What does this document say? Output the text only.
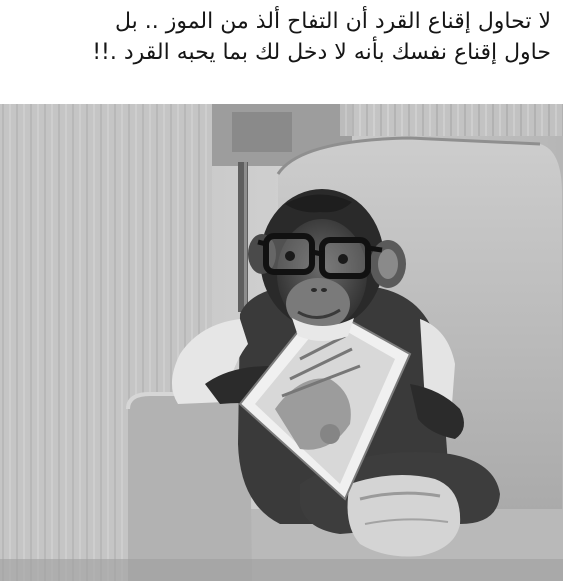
لا تحاول إقناع القرد أن التفاح ألذ من الموز .. بل
حاول إقناع نفسك بأنه لا دخل لك بما يحبه القرد .!!
